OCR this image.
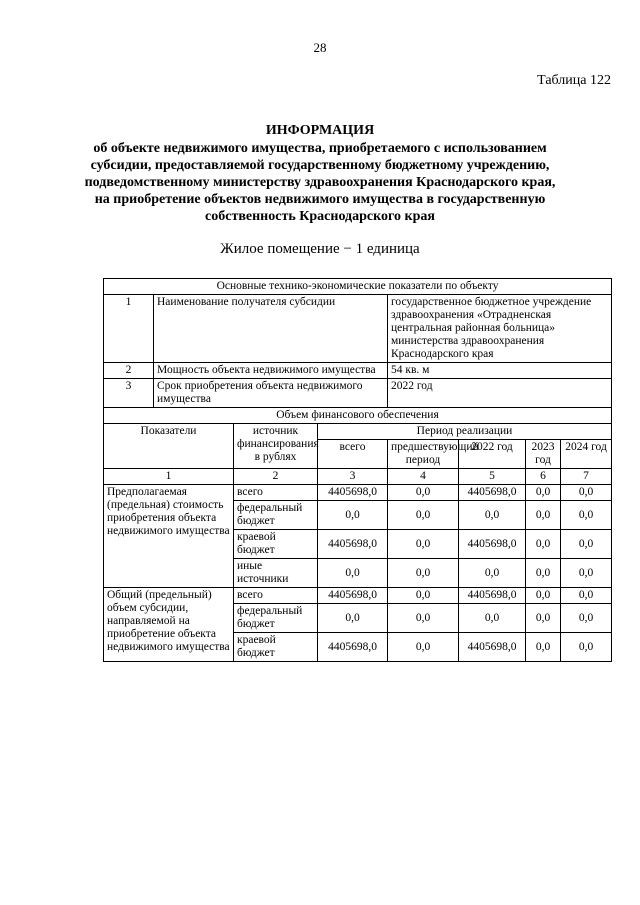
28
Таблица 122
ИНФОРМАЦИЯ
об объекте недвижимого имущества, приобретаемого с использованием
субсидии, предоставляемой государственному бюджетному учреждению,
подведомственному министерству здравоохранения Краснодарского края,
на приобретение объектов недвижимого имущества в государственную
собственность Краснодарского края
Жилое помещение − 1 единица
Основные технико-экономические показатели по объекту							
1	Наименование получателя субсидии			государственное бюджетное учреждение здравоохранения «Отрадненская центральная районная больница» министерства здравоохранения Краснодарского края			
2	Мощность объекта недвижимого имущества			54 кв. м			
3	Срок приобретения объекта недвижимого имущества			2022 год			
Объем финансового обеспечения							
Показатели		источник финансирования в рублях	Период реализации				
			всего	предшествующий период	2022 год	2023 год	2024 год
1		2	3	4	5	6	7
Предполагаемая (предельная) стоимость приобретения объекта недвижимого имущества		всего	4405698,0	0,0	4405698,0	0,0	0,0
		федеральный бюджет	0,0	0,0	0,0	0,0	0,0
		краевой бюджет	4405698,0	0,0	4405698,0	0,0	0,0
		иные источники	0,0	0,0	0,0	0,0	0,0
Общий (предельный) объем субсидии, направляемой на приобретение объекта недвижимого имущества		всего	4405698,0	0,0	4405698,0	0,0	0,0
		федеральный бюджет	0,0	0,0	0,0	0,0	0,0
		краевой бюджет	4405698,0	0,0	4405698,0	0,0	0,0
